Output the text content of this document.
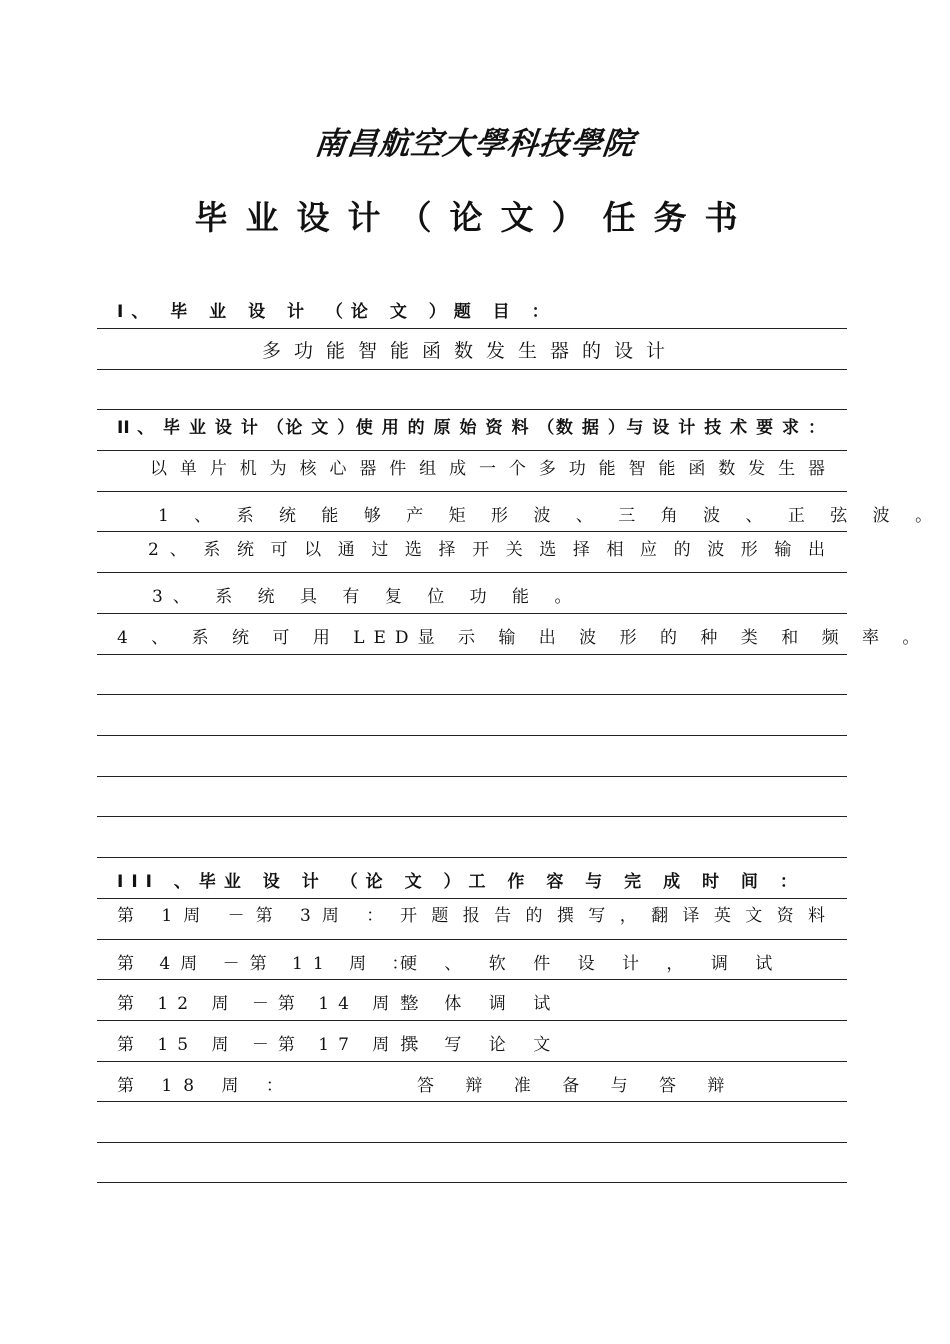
南昌航空大學科技學院
毕业设计（论文）任务书
I、 毕 业 设 计 （论 文 ）题 目 ：
多功能智能函数发生器的设计
II 、 毕 业 设 计 （论 文 ）使 用 的 原 始 资 料 （数 据 ）与 设 计 技 术 要 求 ：
以 单 片 机 为 核 心 器 件 组 成 一 个 多 功 能 智 能 函 数 发 生 器
1 、 系 统 能 够 产 矩 形 波 、 三 角 波 、 正 弦 波 。
2 、 系 统 可 以 通 过 选 择 开 关 选 择 相 应 的 波 形 输 出
3、 系 统 具 有 复 位 功 能 。
4 、 系 统 可 用 LED显 示 输 出 波 形 的 种 类 和 频 率 。
III 、毕业 设 计 （论 文 ）工 作 容 与 完 成 时 间 ：
第 1周 －第 3周 ： 开 题 报 告 的 撰 写 ， 翻 译 英 文 资 料
第 4周 －第 11 周 ：
硬 、 软 件 设 计 ， 调 试
第 12 周 －第 14 周 ：
整 体 调 试
第 15 周 －第 17 周 ：
撰 写 论 文
第 18 周 ：	答 辩 准 备 与 答 辩
